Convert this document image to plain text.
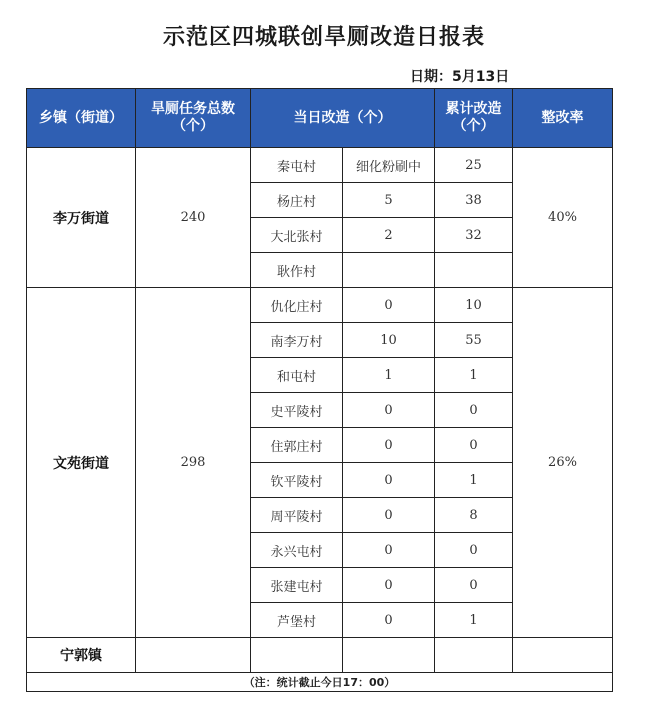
示范区四城联创旱厕改造日报表
日期：5月13日
乡镇（街道）	旱厕任务总数（个）	当日改造（个）		累计改造（个）	整改率
李万街道	240	秦屯村	细化粉刷中	25	40%
		杨庄村	5	38	
		大北张村	2	32	
		耿作村			
文苑街道	298	仇化庄村	0	10	26%
		南李万村	10	55	
		和屯村	1	1	
		史平陵村	0	0	
		住郭庄村	0	0	
		钦平陵村	0	1	
		周平陵村	0	8	
		永兴屯村	0	0	
		张建屯村	0	0	
		芦堡村	0	1	
宁郭镇					
（注：统计截止今日17：00）					
